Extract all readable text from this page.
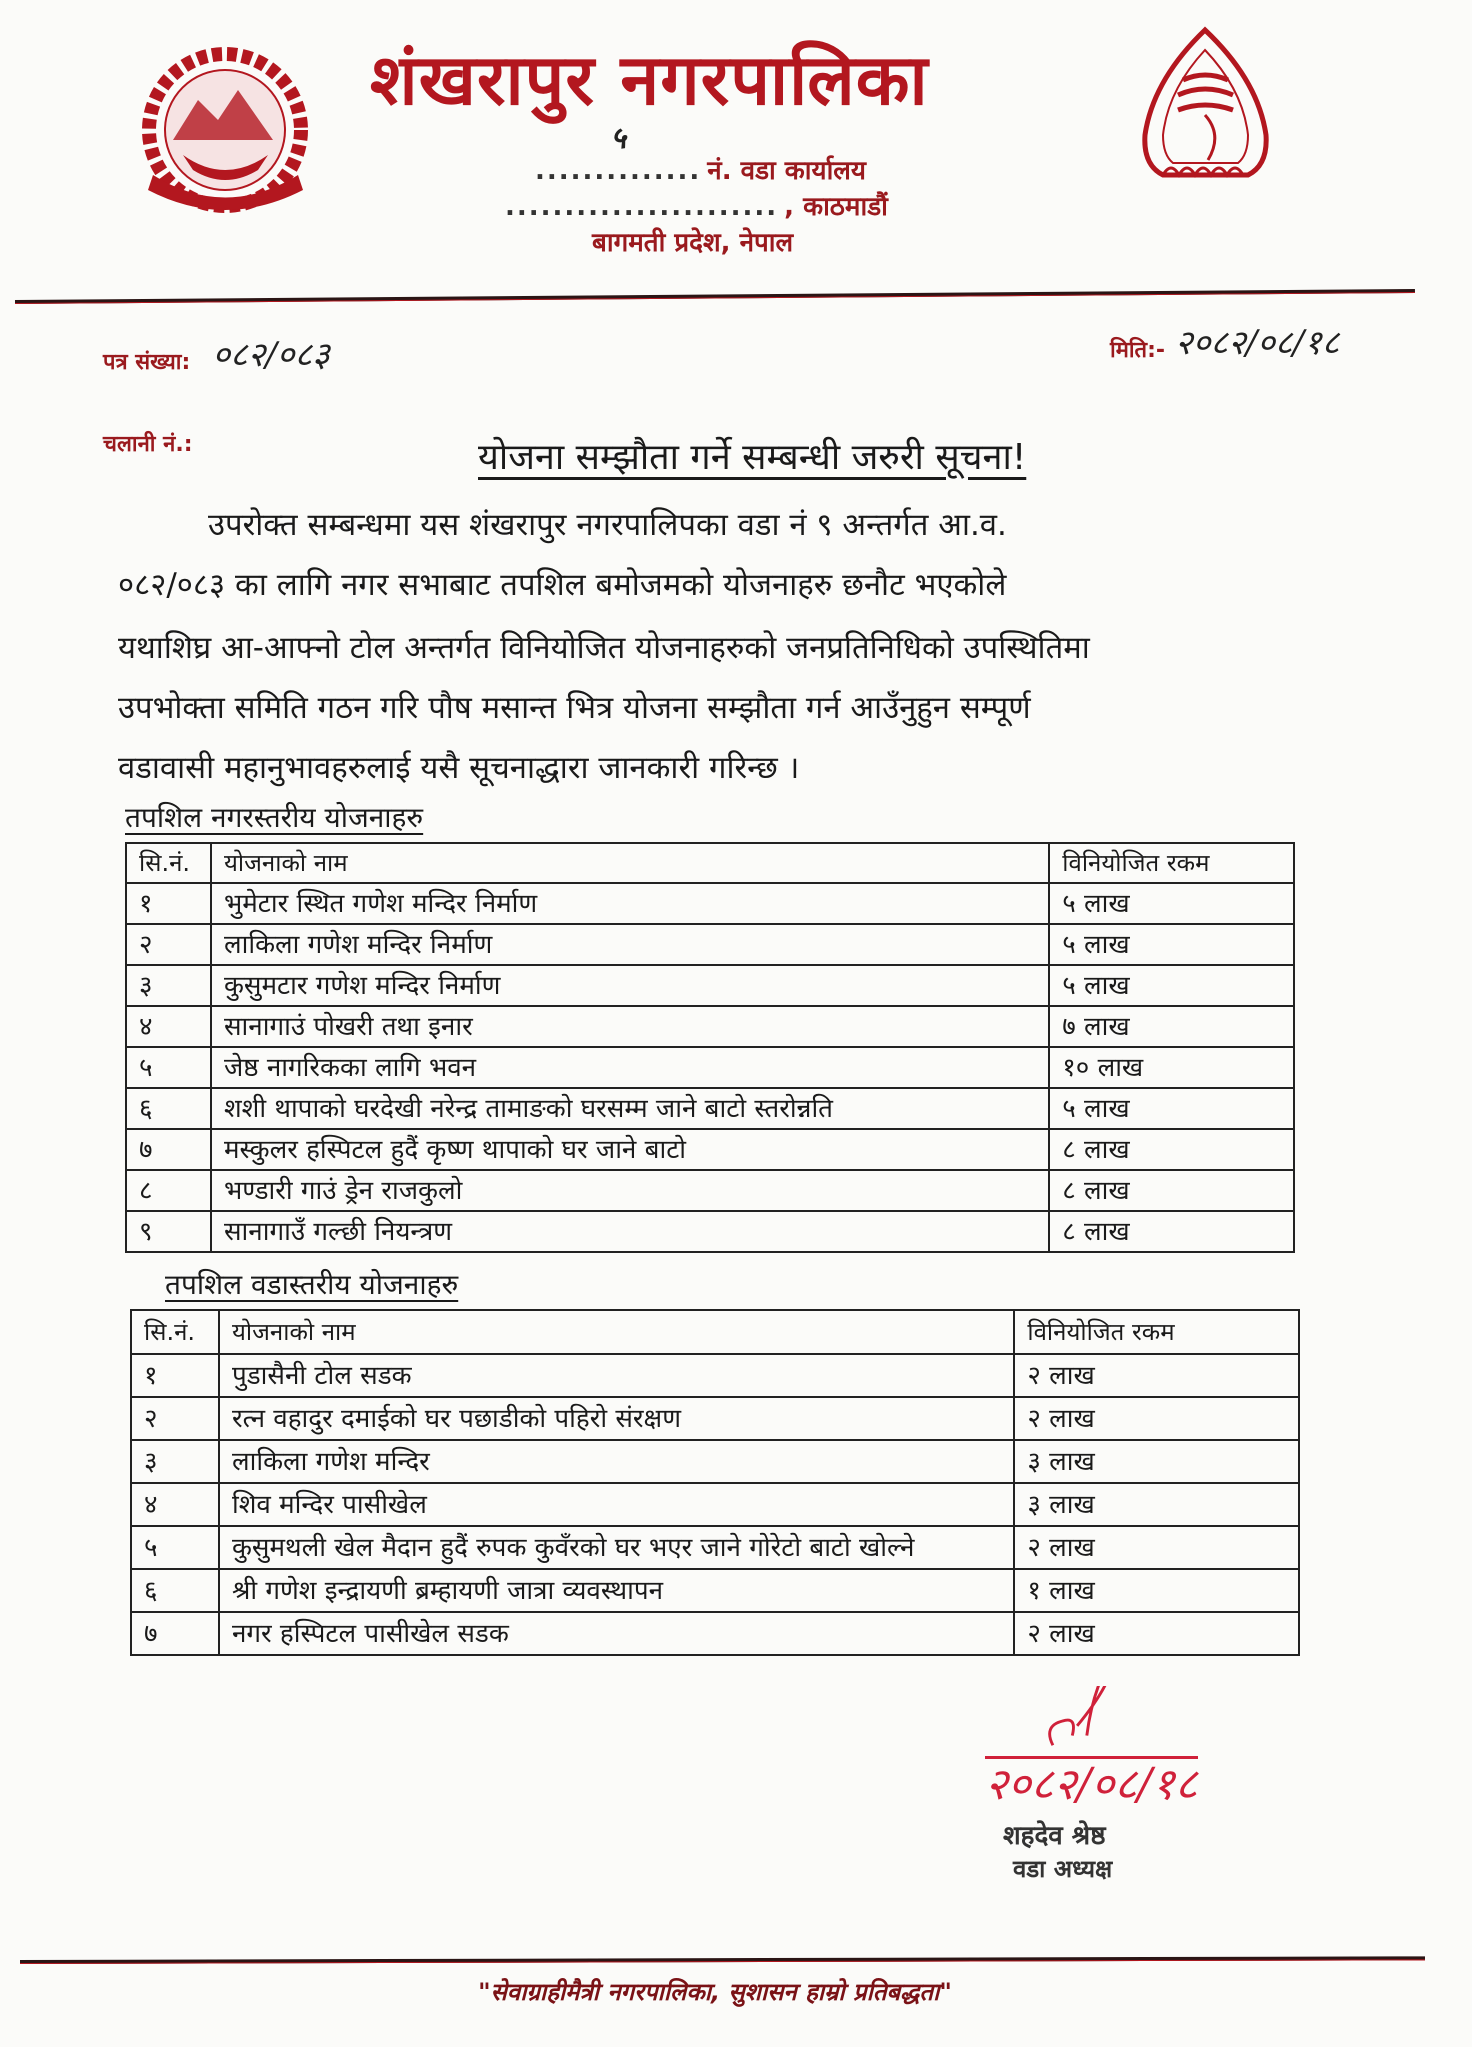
शंखरापुर नगरपालिका
५
.............. नं. वडा कार्यालय
....................... , काठमाडौं
बागमती प्रदेश, नेपाल
पत्र संख्या: ०८२/०८३	मिति:- २०८२/०८/१८
चलानी नं.:	योजना सम्झौता गर्ने सम्बन्धी जरुरी सूचना!
उपरोक्त सम्बन्धमा यस शंखरापुर नगरपालिपका वडा नं ९ अन्तर्गत आ.व.
०८२/०८३ का लागि नगर सभाबाट तपशिल बमोजमको योजनाहरु छनौट भएकोले
यथाशिघ्र आ-आफ्नो टोल अन्तर्गत विनियोजित योजनाहरुको जनप्रतिनिधिको उपस्थितिमा
उपभोक्ता समिति गठन गरि पौष मसान्त भित्र योजना सम्झौता गर्न आउँनुहुन सम्पूर्ण
वडावासी महानुभावहरुलाई यसै सूचनाद्धारा जानकारी गरिन्छ ।
तपशिल नगरस्तरीय योजनाहरु
सि.नं.	योजनाको नाम	विनियोजित रकम
१	भुमेटार स्थित गणेश मन्दिर निर्माण	५ लाख
२	लाकिला गणेश मन्दिर निर्माण	५ लाख
३	कुसुमटार गणेश मन्दिर निर्माण	५ लाख
४	सानागाउं पोखरी तथा इनार	७ लाख
५	जेष्ठ नागरिकका लागि भवन	१० लाख
६	शशी थापाको घरदेखी नरेन्द्र तामाङको घरसम्म जाने बाटो स्तरोन्नति	५ लाख
७	मस्कुलर हस्पिटल हुदैं कृष्ण थापाको घर जाने बाटो	८ लाख
८	भण्डारी गाउं ड्रेन राजकुलो	८ लाख
९	सानागाउँ गल्छी नियन्त्रण	८ लाख
तपशिल वडास्तरीय योजनाहरु
सि.नं.	योजनाको नाम	विनियोजित रकम
१	पुडासैनी टोल सडक	२ लाख
२	रत्न वहादुर दमाईको घर पछाडीको पहिरो संरक्षण	२ लाख
३	लाकिला गणेश मन्दिर	३ लाख
४	शिव मन्दिर पासीखेल	३ लाख
५	कुसुमथली खेल मैदान हुदैं रुपक कुवँरको घर भएर जाने गोरेटो बाटो खोल्ने	२ लाख
६	श्री गणेश इन्द्रायणी ब्रम्हायणी जात्रा व्यवस्थापन	१ लाख
७	नगर हस्पिटल पासीखेल सडक	२ लाख
२०८२/०८/१८
शहदेव श्रेष्ठ
वडा अध्यक्ष
"सेवाग्राहीमैत्री नगरपालिका, सुशासन हाम्रो प्रतिबद्धता"
